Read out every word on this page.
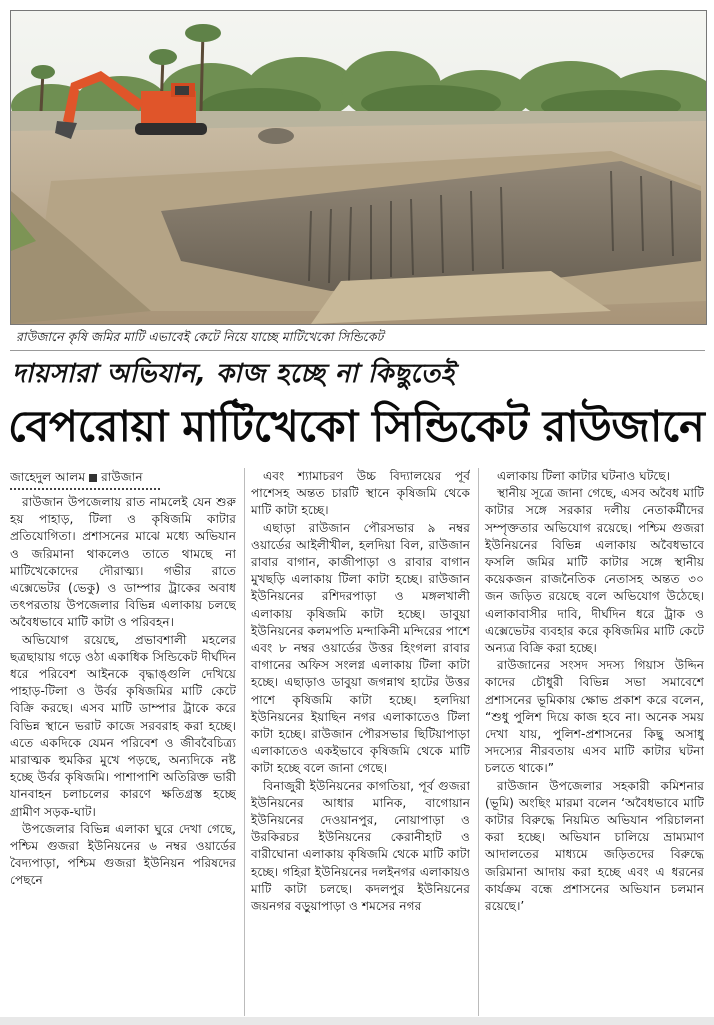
রাউজানে কৃষি জমির মাটি এভাবেই কেটে নিয়ে যাচ্ছে মাটিখেকো সিন্ডিকেট
দায়সারা অভিযান, কাজ হচ্ছে না কিছুতেই
বেপরোয়া মাটিখেকো সিন্ডিকেট রাউজানে
জাহেদুল আলম রাউজান

রাউজান উপজেলায় রাত নামলেই যেন শুরু হয় পাহাড়, টিলা ও কৃষিজমি কাটার প্রতিযোগিতা। প্রশাসনের মাঝে মধ্যে অভিযান ও জরিমানা থাকলেও তাতে থামছে না মাটিখেকোদের দৌরাত্ম্য। গভীর রাতে এক্সেভেটর (ভেকু) ও ডাম্পার ট্রাকের অবাধ তৎপরতায় উপজেলার বিভিন্ন এলাকায় চলছে অবৈধভাবে মাটি কাটা ও পরিবহন।

অভিযোগ রয়েছে, প্রভাবশালী মহলের ছত্রছায়ায় গড়ে ওঠা একাধিক সিন্ডিকেট দীর্ঘদিন ধরে পরিবেশ আইনকে বৃদ্ধাঙ্গুলি দেখিয়ে পাহাড়-টিলা ও উর্বর কৃষিজমির মাটি কেটে বিক্রি করছে। এসব মাটি ডাম্পার ট্রাকে করে বিভিন্ন স্থানে ভরাট কাজে সরবরাহ করা হচ্ছে। এতে একদিকে যেমন পরিবেশ ও জীববৈচিত্র্য মারাত্মক হুমকির মুখে পড়ছে, অন্যদিকে নষ্ট হচ্ছে উর্বর কৃষিজমি। পাশাপাশি অতিরিক্ত ভারী যানবাহন চলাচলের কারণে ক্ষতিগ্রস্ত হচ্ছে গ্রামীণ সড়ক-ঘাট।

উপজেলার বিভিন্ন এলাকা ঘুরে দেখা গেছে, পশ্চিম গুজরা ইউনিয়নের ৬ নম্বর ওয়ার্ডের বৈদ্যপাড়া, পশ্চিম গুজরা ইউনিয়ন পরিষদের পেছনে

এবং শ্যামাচরণ উচ্চ বিদ্যালয়ের পূর্ব পাশেসহ অন্তত চারটি স্থানে কৃষিজমি থেকে মাটি কাটা হচ্ছে।

এছাড়া রাউজান পৌরসভার ৯ নম্বর ওয়ার্ডের আইলীখীল, হলদিয়া বিল, রাউজান রাবার বাগান, কাজীপাড়া ও রাবার বাগান মুখছড়ি এলাকায় টিলা কাটা হচ্ছে। রাউজান ইউনিয়নের রশিদরপাড়া ও মঙ্গলখালী এলাকায় কৃষিজমি কাটা হচ্ছে। ডাবুয়া ইউনিয়নের কলমপতি মন্দাকিনী মন্দিরের পাশে এবং ৮ নম্বর ওয়ার্ডের উত্তর হিংগলা রাবার বাগানের অফিস সংলগ্ন এলাকায় টিলা কাটা হচ্ছে। এছাড়াও ডাবুয়া জগন্নাথ হাটের উত্তর পাশে কৃষিজমি কাটা হচ্ছে। হলদিয়া ইউনিয়নের ইয়াছিন নগর এলাকাতেও টিলা কাটা হচ্ছে। রাউজান পৌরসভার ছিটিয়াপাড়া এলাকাতেও একইভাবে কৃষিজমি থেকে মাটি কাটা হচ্ছে বলে জানা গেছে।

বিনাজুরী ইউনিয়নের কাগতিয়া, পূর্ব গুজরা ইউনিয়নের আধার মানিক, বাগোয়ান ইউনিয়নের দেওয়ানপুর, নোয়াপাড়া ও উরকিরচর ইউনিয়নের কেরানীহাট ও বারীঘোনা এলাকায় কৃষিজমি থেকে মাটি কাটা হচ্ছে। গহিরা ইউনিয়নের দলইনগর এলাকায়ও মাটি কাটা চলছে। কদলপুর ইউনিয়নের জয়নগর বড়ুয়াপাড়া ও শমসের নগর

এলাকায় টিলা কাটার ঘটনাও ঘটছে।

স্থানীয় সূত্রে জানা গেছে, এসব অবৈধ মাটি কাটার সঙ্গে সরকার দলীয় নেতাকর্মীদের সম্পৃক্ততার অভিযোগ রয়েছে। পশ্চিম গুজরা ইউনিয়নের বিভিন্ন এলাকায় অবৈধভাবে ফসলি জমির মাটি কাটার সঙ্গে স্থানীয় কয়েকজন রাজনৈতিক নেতাসহ অন্তত ৩০ জন জড়িত রয়েছে বলে অভিযোগ উঠেছে। এলাকাবাসীর দাবি, দীর্ঘদিন ধরে ট্রাক ও এক্সেভেটর ব্যবহার করে কৃষিজমির মাটি কেটে অন্যত্র বিক্রি করা হচ্ছে।

রাউজানের সংসদ সদস্য গিয়াস উদ্দিন কাদের চৌধুরী বিভিন্ন সভা সমাবেশে প্রশাসনের ভূমিকায় ক্ষোভ প্রকাশ করে বলেন, “শুধু পুলিশ দিয়ে কাজ হবে না। অনেক সময় দেখা যায়, পুলিশ-প্রশাসনের কিছু অসাধু সদস্যের নীরবতায় এসব মাটি কাটার ঘটনা চলতে থাকে।”

রাউজান উপজেলার সহকারী কমিশনার (ভূমি) অংছিং মারমা বলেন ‘অবৈধভাবে মাটি কাটার বিরুদ্ধে নিয়মিত অভিযান পরিচালনা করা হচ্ছে। অভিযান চালিয়ে ভ্রাম্যমাণ আদালতের মাধ্যমে জড়িতদের বিরুদ্ধে জরিমানা আদায় করা হচ্ছে এবং এ ধরনের কার্যক্রম বন্ধে প্রশাসনের অভিযান চলমান রয়েছে।’
